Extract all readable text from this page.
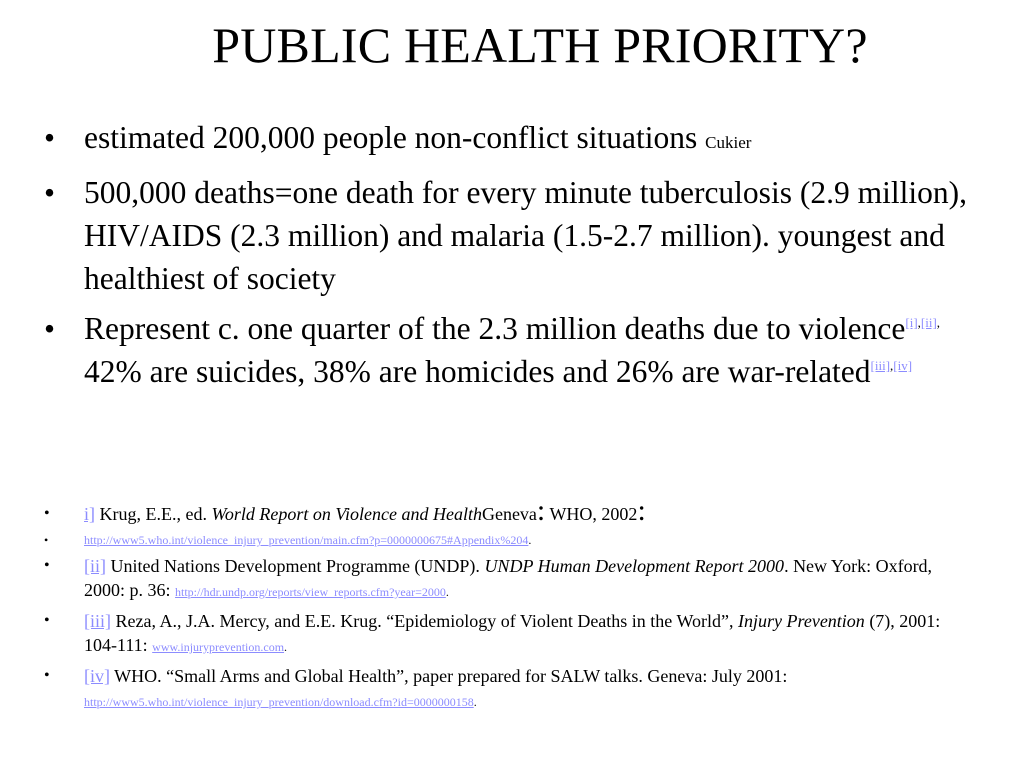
PUBLIC HEALTH PRIORITY?
• estimated 200,000 people non-conflict situations Cukier
• 500,000 deaths=one death for every minute tuberculosis (2.9 million), HIV/AIDS (2.3 million) and malaria (1.5-2.7 million). youngest and healthiest of society
• Represent c. one quarter of the 2.3 million deaths due to violence$^{[i],[ii],}$ 42% are suicides, 38% are homicides and 26% are war-related[iii],[iv]
• i] Krug, E.E., ed. World Report on Violence and HealthGeneva: WHO, 2002:
•	http://www5.who.int/violence_injury_prevention/main.cfm?p=0000000675#Appendix%204.
• [ii] United Nations Development Programme (UNDP). UNDP Human Development Report 2000. New York: Oxford, 2000: p. 36: http://hdr.undp.org/reports/view_reports.cfm?year=2000.
• [iii] Reza, A., J.A. Mercy, and E.E. Krug. “Epidemiology of Violent Deaths in the World”, Injury Prevention (7), 2001: 104-111: www.injuryprevention.com.
• [iv] WHO. “Small Arms and Global Health”, paper prepared for SALW talks. Geneva: July 2001: http://www5.who.int/violence_injury_prevention/download.cfm?id=0000000158.
